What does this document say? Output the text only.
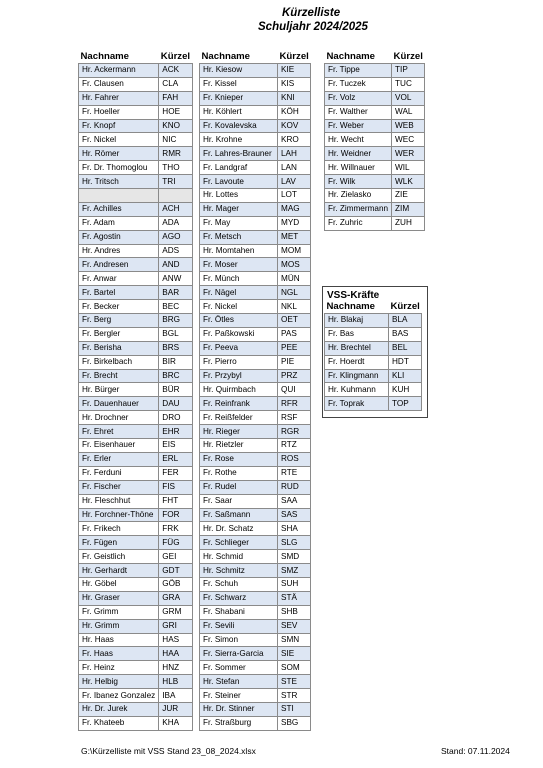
Kürzelliste
Schuljahr 2024/2025
Nachname	Kürzel
Hr. Ackermann	ACK
Fr. Clausen	CLA
Hr. Fahrer	FAH
Fr. Hoeller	HOE
Fr. Knopf	KNO
Fr. Nickel	NIC
Hr. Römer	RMR
Fr. Dr. Thomoglou	THO
Hr. Tritsch	TRI

Fr. Achilles	ACH
Fr. Adam	ADA
Fr. Agostin	AGO
Hr. Andres	ADS
Fr. Andresen	AND
Fr. Anwar	ANW
Fr. Bartel	BAR
Fr. Becker	BEC
Fr. Berg	BRG
Fr. Bergler	BGL
Fr. Berisha	BRS
Fr. Birkelbach	BIR
Fr. Brecht	BRC
Hr. Bürger	BÜR
Fr. Dauenhauer	DAU
Hr. Drochner	DRO
Fr. Ehret	EHR
Fr. Eisenhauer	EIS
Fr. Erler	ERL
Fr. Ferduni	FER
Fr. Fischer	FIS
Hr. Fleschhut	FHT
Hr. Forchner-Thöne	FOR
Fr. Frikech	FRK
Fr. Fügen	FÜG
Fr. Geistlich	GEI
Hr. Gerhardt	GDT
Hr. Göbel	GÖB
Hr. Graser	GRA
Fr. Grimm	GRM
Hr. Grimm	GRI
Hr. Haas	HAS
Fr. Haas	HAA
Fr. Heinz	HNZ
Hr. Helbig	HLB
Fr. Ibanez Gonzalez	IBA
Hr. Dr. Jurek	JUR
Fr. Khateeb	KHA
Nachname	Kürzel
Hr. Kiesow	KIE
Fr. Kissel	KIS
Fr. Knieper	KNI
Hr. Köhlert	KÖH
Fr. Kovalevska	KOV
Hr. Krohne	KRO
Fr. Lahres-Brauner	LAH
Fr. Landgraf	LAN
Fr. Lavoute	LAV
Hr. Lottes	LOT
Hr. Mager	MAG
Fr. May	MYD
Fr. Metsch	MET
Hr. Momtahen	MOM
Fr. Moser	MOS
Fr. Münch	MÜN
Fr. Nägel	NGL
Fr. Nickel	NKL
Fr. Ötles	OET
Fr. Paßkowski	PAS
Fr. Peeva	PEE
Fr. Pierro	PIE
Fr. Przybyl	PRZ
Hr. Quirmbach	QUI
Fr. Reinfrank	RFR
Fr. Reißfelder	RSF
Hr. Rieger	RGR
Hr. Rietzler	RTZ
Fr. Rose	ROS
Fr. Rothe	RTE
Fr. Rudel	RUD
Fr. Saar	SAA
Fr. Saßmann	SAS
Hr. Dr. Schatz	SHA
Fr. Schlieger	SLG
Hr. Schmid	SMD
Hr. Schmitz	SMZ
Fr. Schuh	SUH
Fr. Schwarz	STÄ
Fr. Shabani	SHB
Fr. Sevili	SEV
Fr. Simon	SMN
Fr. Sierra-Garcia	SIE
Fr. Sommer	SOM
Hr. Stefan	STE
Fr. Steiner	STR
Hr. Dr. Stinner	STI
Fr. Straßburg	SBG
Nachname	Kürzel
Fr. Tippe	TIP
Fr. Tuczek	TUC
Fr. Volz	VOL
Fr. Walther	WAL
Fr. Weber	WEB
Hr. Wecht	WEC
Hr. Weidner	WER
Hr. Willnauer	WIL
Fr. Wilk	WLK
Hr. Zielasko	ZIE
Fr. Zimmermann	ZIM
Fr. Zuhric	ZUH
VSS-Kräfte
Nachname	Kürzel
Hr. Blakaj	BLA
Fr. Bas	BAS
Hr. Brechtel	BEL
Fr. Hoerdt	HDT
Fr. Klingmann	KLI
Hr. Kuhmann	KUH
Fr. Toprak	TOP
G:\Kürzelliste mit VSS Stand 23_08_2024.xlsx	Stand: 07.11.2024
